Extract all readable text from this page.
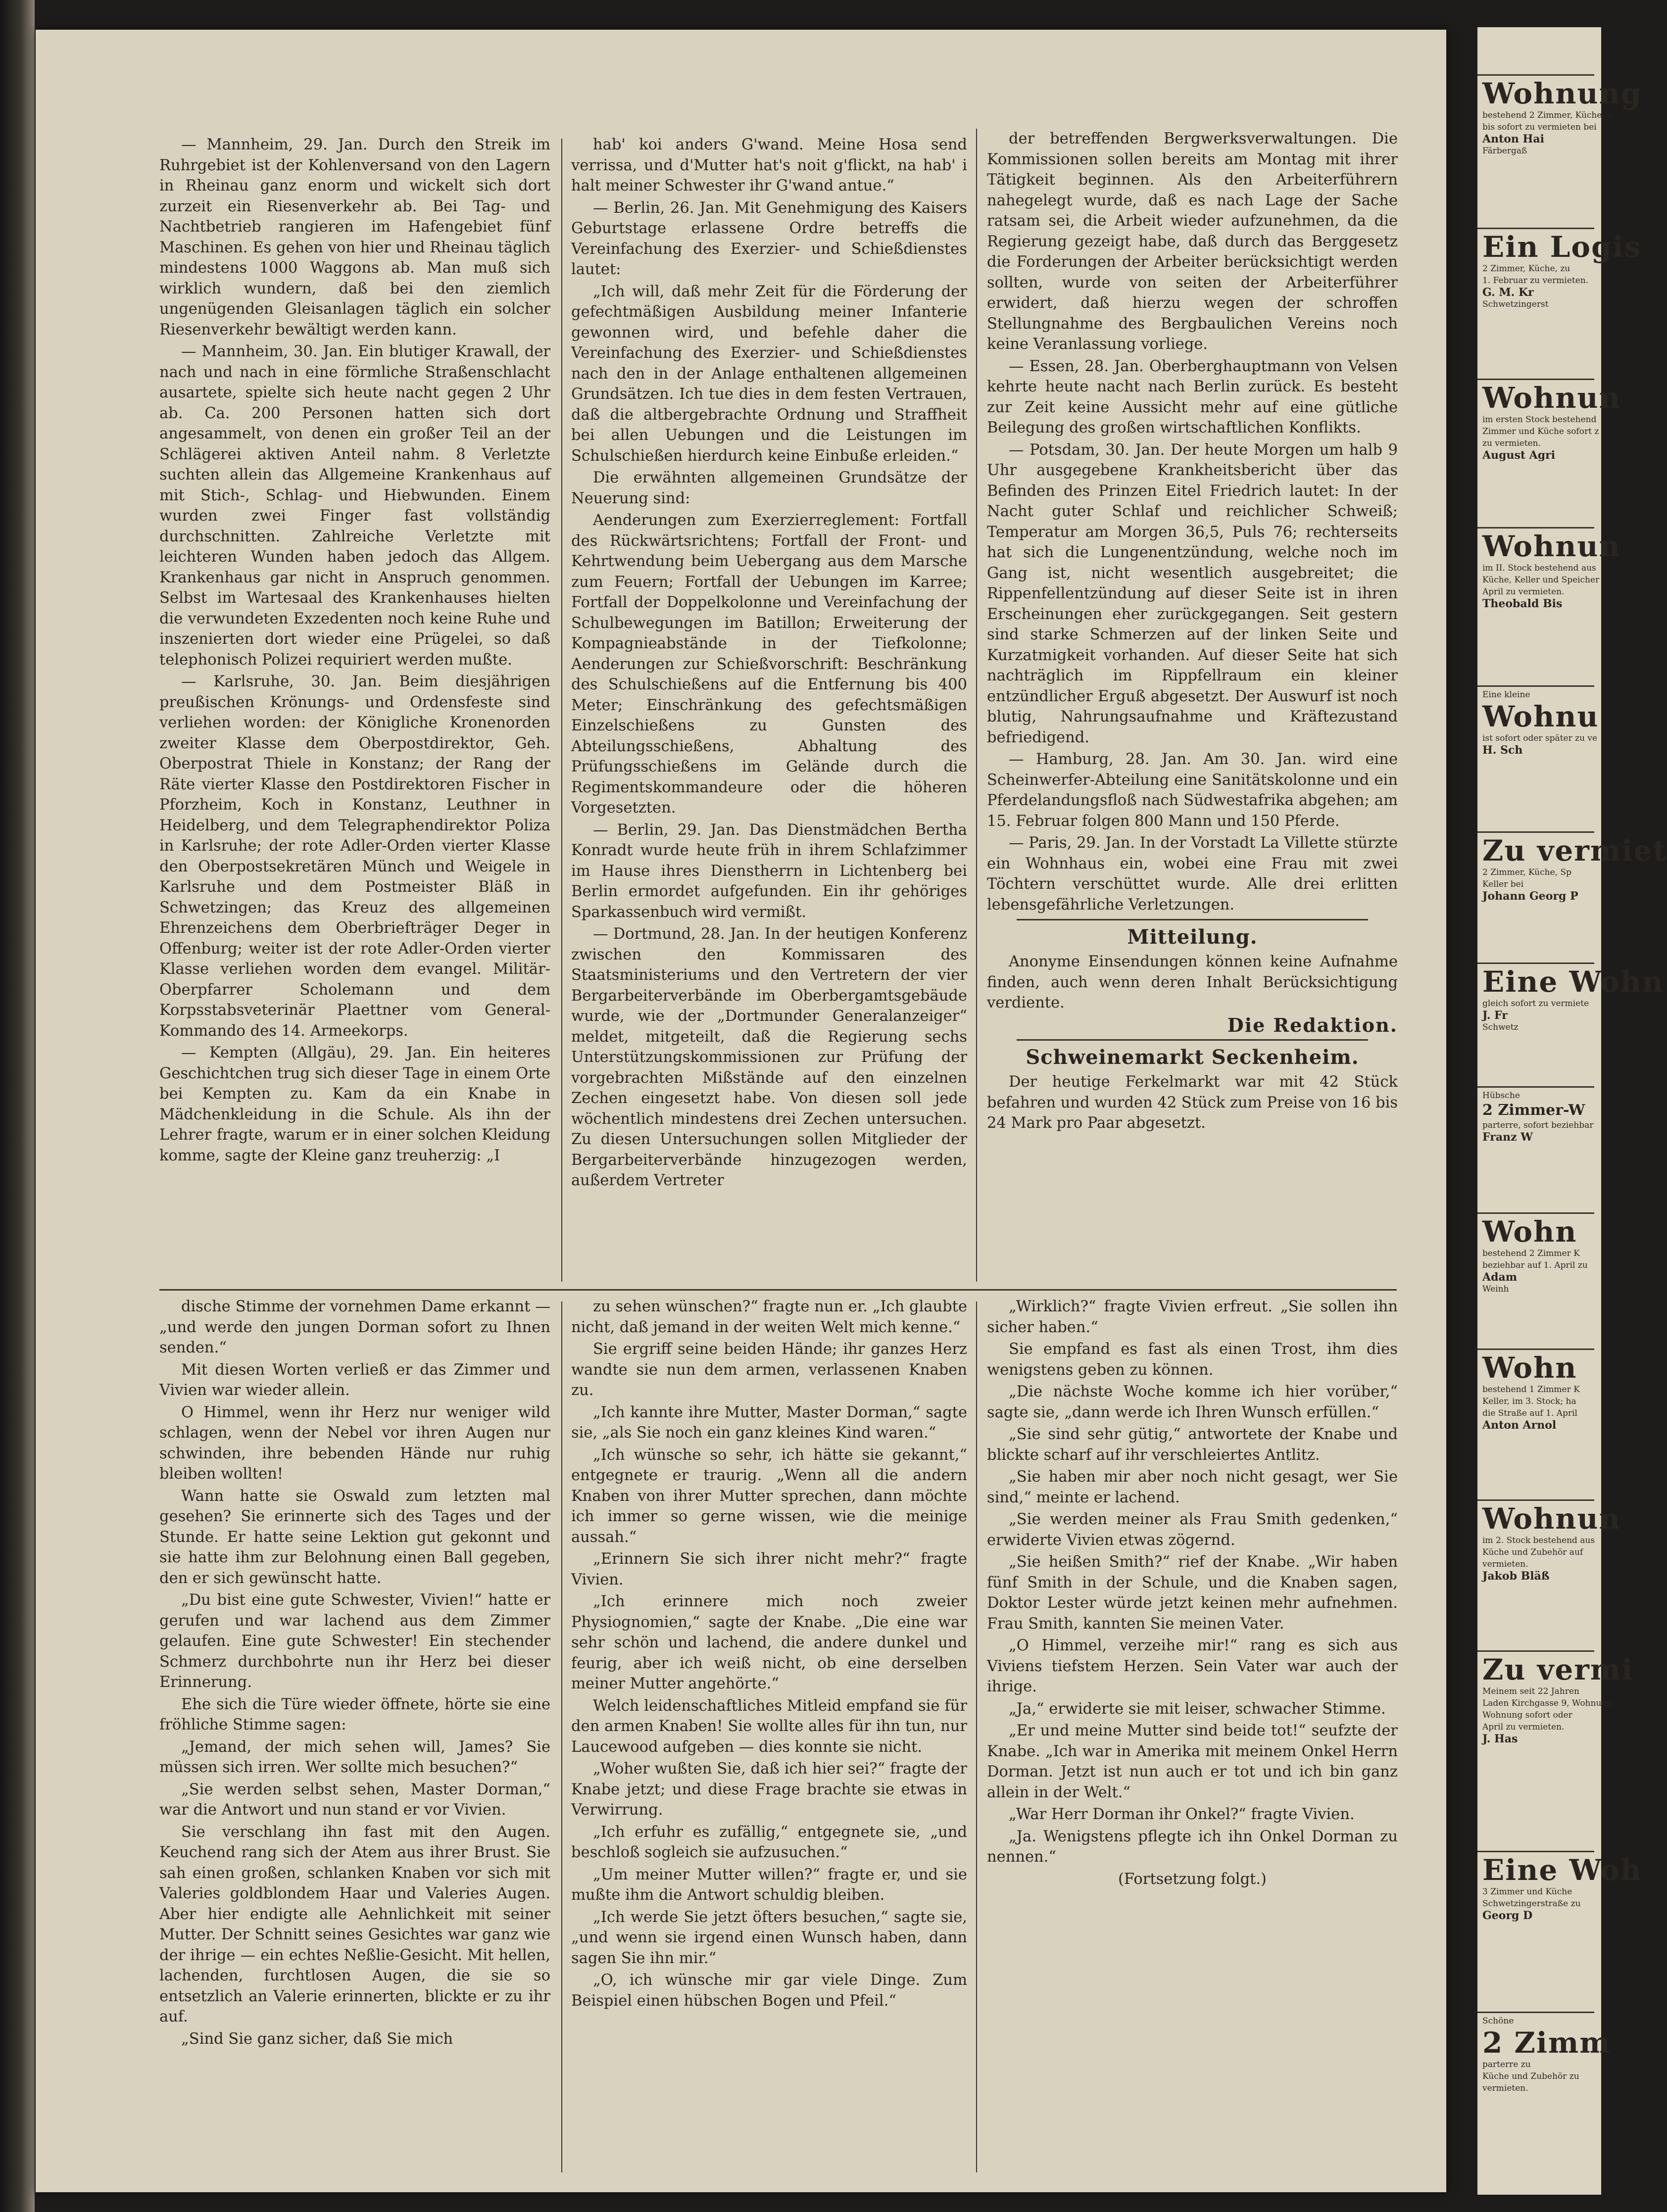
— Mannheim, 29. Jan. Durch den Streik im Ruhrgebiet ist der Kohlenversand von den Lagern in Rheinau ganz enorm und wickelt sich dort zurzeit ein Riesenverkehr ab. Bei Tag- und Nachtbetrieb rangieren im Hafengebiet fünf Maschinen. Es gehen von hier und Rheinau täglich mindestens 1000 Waggons ab. Man muß sich wirklich wundern, daß bei den ziemlich ungenügenden Gleisanlagen täglich ein solcher Riesenverkehr bewältigt werden kann.

— Mannheim, 30. Jan. Ein blutiger Krawall, der nach und nach in eine förmliche Straßenschlacht ausartete, spielte sich heute nacht gegen 2 Uhr ab. Ca. 200 Personen hatten sich dort angesammelt, von denen ein großer Teil an der Schlägerei aktiven Anteil nahm. 8 Verletzte suchten allein das Allgemeine Krankenhaus auf mit Stich-, Schlag- und Hiebwunden. Einem wurden zwei Finger fast vollständig durchschnitten. Zahlreiche Verletzte mit leichteren Wunden haben jedoch das Allgem. Krankenhaus gar nicht in Anspruch genommen. Selbst im Wartesaal des Krankenhauses hielten die verwundeten Exzedenten noch keine Ruhe und inszenierten dort wieder eine Prügelei, so daß telephonisch Polizei requiriert werden mußte.

— Karlsruhe, 30. Jan. Beim diesjährigen preußischen Krönungs- und Ordensfeste sind verliehen worden: der Königliche Kronenorden zweiter Klasse dem Oberpostdirektor, Geh. Oberpostrat Thiele in Konstanz; der Rang der Räte vierter Klasse den Postdirektoren Fischer in Pforzheim, Koch in Konstanz, Leuthner in Heidelberg, und dem Telegraphendirektor Poliza in Karlsruhe; der rote Adler-Orden vierter Klasse den Oberpostsekretären Münch und Weigele in Karlsruhe und dem Postmeister Bläß in Schwetzingen; das Kreuz des allgemeinen Ehrenzeichens dem Oberbriefträger Deger in Offenburg; weiter ist der rote Adler-Orden vierter Klasse verliehen worden dem evangel. Militär-Oberpfarrer Scholemann und dem Korpsstabsveterinär Plaettner vom General-Kommando des 14. Armeekorps.

— Kempten (Allgäu), 29. Jan. Ein heiteres Geschichtchen trug sich dieser Tage in einem Orte bei Kempten zu. Kam da ein Knabe in Mädchenkleidung in die Schule. Als ihn der Lehrer fragte, warum er in einer solchen Kleidung komme, sagte der Kleine ganz treuherzig: „I

hab' koi anders G'wand. Meine Hosa send verrissa, und d'Mutter hat's noit g'flickt, na hab' i halt meiner Schwester ihr G'wand antue.“

— Berlin, 26. Jan. Mit Genehmigung des Kaisers Geburtstage erlassene Ordre betreffs die Vereinfachung des Exerzier- und Schießdienstes lautet:

„Ich will, daß mehr Zeit für die Förderung der gefechtmäßigen Ausbildung meiner Infanterie gewonnen wird, und befehle daher die Vereinfachung des Exerzier- und Schießdienstes nach den in der Anlage enthaltenen allgemeinen Grundsätzen. Ich tue dies in dem festen Vertrauen, daß die altbergebrachte Ordnung und Straffheit bei allen Uebungen und die Leistungen im Schulschießen hierdurch keine Einbuße erleiden.“

Die erwähnten allgemeinen Grundsätze der Neuerung sind:

Aenderungen zum Exerzierreglement: Fortfall des Rückwärtsrichtens; Fortfall der Front- und Kehrtwendung beim Uebergang aus dem Marsche zum Feuern; Fortfall der Uebungen im Karree; Fortfall der Doppelkolonne und Vereinfachung der Schulbewegungen im Batillon; Erweiterung der Kompagnieabstände in der Tiefkolonne; Aenderungen zur Schießvorschrift: Beschränkung des Schulschießens auf die Entfernung bis 400 Meter; Einschränkung des gefechtsmäßigen Einzelschießens zu Gunsten des Abteilungsschießens, Abhaltung des Prüfungsschießens im Gelände durch die Regimentskommandeure oder die höheren Vorgesetzten.

— Berlin, 29. Jan. Das Dienstmädchen Bertha Konradt wurde heute früh in ihrem Schlafzimmer im Hause ihres Dienstherrn in Lichtenberg bei Berlin ermordet aufgefunden. Ein ihr gehöriges Sparkassenbuch wird vermißt.

— Dortmund, 28. Jan. In der heutigen Konferenz zwischen den Kommissaren des Staatsministeriums und den Vertretern der vier Bergarbeiterverbände im Oberbergamtsgebäude wurde, wie der „Dortmunder Generalanzeiger“ meldet, mitgeteilt, daß die Regierung sechs Unterstützungskommissionen zur Prüfung der vorgebrachten Mißstände auf den einzelnen Zechen eingesetzt habe. Von diesen soll jede wöchentlich mindestens drei Zechen untersuchen. Zu diesen Untersuchungen sollen Mitglieder der Bergarbeiterverbände hinzugezogen werden, außerdem Vertreter

der betreffenden Bergwerksverwaltungen. Die Kommissionen sollen bereits am Montag mit ihrer Tätigkeit beginnen. Als den Arbeiterführern nahegelegt wurde, daß es nach Lage der Sache ratsam sei, die Arbeit wieder aufzunehmen, da die Regierung gezeigt habe, daß durch das Berggesetz die Forderungen der Arbeiter berücksichtigt werden sollten, wurde von seiten der Arbeiterführer erwidert, daß hierzu wegen der schroffen Stellungnahme des Bergbaulichen Vereins noch keine Veranlassung vorliege.

— Essen, 28. Jan. Oberberghauptmann von Velsen kehrte heute nacht nach Berlin zurück. Es besteht zur Zeit keine Aussicht mehr auf eine gütliche Beilegung des großen wirtschaftlichen Konflikts.

— Potsdam, 30. Jan. Der heute Morgen um halb 9 Uhr ausgegebene Krankheitsbericht über das Befinden des Prinzen Eitel Friedrich lautet: In der Nacht guter Schlaf und reichlicher Schweiß; Temperatur am Morgen 36,5, Puls 76; rechterseits hat sich die Lungenentzündung, welche noch im Gang ist, nicht wesentlich ausgebreitet; die Rippenfellentzündung auf dieser Seite ist in ihren Erscheinungen eher zurückgegangen. Seit gestern sind starke Schmerzen auf der linken Seite und Kurzatmigkeit vorhanden. Auf dieser Seite hat sich nachträglich im Rippfellraum ein kleiner entzündlicher Erguß abgesetzt. Der Auswurf ist noch blutig, Nahrungsaufnahme und Kräftezustand befriedigend.

— Hamburg, 28. Jan. Am 30. Jan. wird eine Scheinwerfer-Abteilung eine Sanitätskolonne und ein Pferdelandungsfloß nach Südwestafrika abgehen; am 15. Februar folgen 800 Mann und 150 Pferde.

— Paris, 29. Jan. In der Vorstadt La Villette stürzte ein Wohnhaus ein, wobei eine Frau mit zwei Töchtern verschüttet wurde. Alle drei erlitten lebensgefährliche Verletzungen.

Mitteilung.

Anonyme Einsendungen können keine Aufnahme finden, auch wenn deren Inhalt Berücksichtigung verdiente.

Die Redaktion.

Schweinemarkt Seckenheim.

Der heutige Ferkelmarkt war mit 42 Stück befahren und wurden 42 Stück zum Preise von 16 bis 24 Mark pro Paar abgesetzt.

dische Stimme der vornehmen Dame erkannt — „und werde den jungen Dorman sofort zu Ihnen senden.“

Mit diesen Worten verließ er das Zimmer und Vivien war wieder allein.

O Himmel, wenn ihr Herz nur weniger wild schlagen, wenn der Nebel vor ihren Augen nur schwinden, ihre bebenden Hände nur ruhig bleiben wollten!

Wann hatte sie Oswald zum letzten mal gesehen? Sie erinnerte sich des Tages und der Stunde. Er hatte seine Lektion gut gekonnt und sie hatte ihm zur Belohnung einen Ball gegeben, den er sich gewünscht hatte.

„Du bist eine gute Schwester, Vivien!“ hatte er gerufen und war lachend aus dem Zimmer gelaufen. Eine gute Schwester! Ein stechender Schmerz durchbohrte nun ihr Herz bei dieser Erinnerung.

Ehe sich die Türe wieder öffnete, hörte sie eine fröhliche Stimme sagen:

„Jemand, der mich sehen will, James? Sie müssen sich irren. Wer sollte mich besuchen?“

„Sie werden selbst sehen, Master Dorman,“ war die Antwort und nun stand er vor Vivien.

Sie verschlang ihn fast mit den Augen. Keuchend rang sich der Atem aus ihrer Brust. Sie sah einen großen, schlanken Knaben vor sich mit Valeries goldblondem Haar und Valeries Augen. Aber hier endigte alle Aehnlichkeit mit seiner Mutter. Der Schnitt seines Gesichtes war ganz wie der ihrige — ein echtes Neßlie-Gesicht. Mit hellen, lachenden, furchtlosen Augen, die sie so entsetzlich an Valerie erinnerten, blickte er zu ihr auf.

„Sind Sie ganz sicher, daß Sie mich

zu sehen wünschen?“ fragte nun er. „Ich glaubte nicht, daß jemand in der weiten Welt mich kenne.“

Sie ergriff seine beiden Hände; ihr ganzes Herz wandte sie nun dem armen, verlassenen Knaben zu.

„Ich kannte ihre Mutter, Master Dorman,“ sagte sie, „als Sie noch ein ganz kleines Kind waren.“

„Ich wünsche so sehr, ich hätte sie gekannt,“ entgegnete er traurig. „Wenn all die andern Knaben von ihrer Mutter sprechen, dann möchte ich immer so gerne wissen, wie die meinige aussah.“

„Erinnern Sie sich ihrer nicht mehr?“ fragte Vivien.

„Ich erinnere mich noch zweier Physiognomien,“ sagte der Knabe. „Die eine war sehr schön und lachend, die andere dunkel und feurig, aber ich weiß nicht, ob eine derselben meiner Mutter angehörte.“

Welch leidenschaftliches Mitleid empfand sie für den armen Knaben! Sie wollte alles für ihn tun, nur Laucewood aufgeben — dies konnte sie nicht.

„Woher wußten Sie, daß ich hier sei?“ fragte der Knabe jetzt; und diese Frage brachte sie etwas in Verwirrung.

„Ich erfuhr es zufällig,“ entgegnete sie, „und beschloß sogleich sie aufzusuchen.“

„Um meiner Mutter willen?“ fragte er, und sie mußte ihm die Antwort schuldig bleiben.

„Ich werde Sie jetzt öfters besuchen,“ sagte sie, „und wenn sie irgend einen Wunsch haben, dann sagen Sie ihn mir.“

„O, ich wünsche mir gar viele Dinge. Zum Beispiel einen hübschen Bogen und Pfeil.“

„Wirklich?“ fragte Vivien erfreut. „Sie sollen ihn sicher haben.“

Sie empfand es fast als einen Trost, ihm dies wenigstens geben zu können.

„Die nächste Woche komme ich hier vorüber,“ sagte sie, „dann werde ich Ihren Wunsch erfüllen.“

„Sie sind sehr gütig,“ antwortete der Knabe und blickte scharf auf ihr verschleiertes Antlitz.

„Sie haben mir aber noch nicht gesagt, wer Sie sind,“ meinte er lachend.

„Sie werden meiner als Frau Smith gedenken,“ erwiderte Vivien etwas zögernd.

„Sie heißen Smith?“ rief der Knabe. „Wir haben fünf Smith in der Schule, und die Knaben sagen, Doktor Lester würde jetzt keinen mehr aufnehmen. Frau Smith, kannten Sie meinen Vater.

„O Himmel, verzeihe mir!“ rang es sich aus Viviens tiefstem Herzen. Sein Vater war auch der ihrige.

„Ja,“ erwiderte sie mit leiser, schwacher Stimme.

„Er und meine Mutter sind beide tot!“ seufzte der Knabe. „Ich war in Amerika mit meinem Onkel Herrn Dorman. Jetzt ist nun auch er tot und ich bin ganz allein in der Welt.“

„War Herr Dorman ihr Onkel?“ fragte Vivien.

„Ja. Wenigstens pflegte ich ihn Onkel Dorman zu nennen.“

(Fortsetzung folgt.)

Wohnung
bestehend 2 Zimmer, Küche, u.
bis sofort zu vermieten bei
Anton Hai
Färbergaß
Ein Logis
2 Zimmer, Küche, zu
1. Februar zu vermieten.
G. M. Kr
Schwetzingerst
Wohnun
im ersten Stock bestehend
Zimmer und Küche sofort z
zu vermieten.
August Agri
Wohnun
im II. Stock bestehend aus
Küche, Keller und Speicher
April zu vermieten.
Theobald Bis
Eine kleine
Wohnu
ist sofort oder später zu ve
H. Sch
Zu vermiet
2 Zimmer, Küche, Sp
Keller bei
Johann Georg P
Eine Wohn
gleich sofort zu vermiete
J. Fr
Schwetz
Hübsche
2 Zimmer-W
parterre, sofort beziehbar
Franz W
Wohn
bestehend 2 Zimmer K
beziehbar auf 1. April zu
Adam
Weinh
Wohn
bestehend 1 Zimmer K
Keller, im 3. Stock; ha
die Straße auf 1. April
Anton Arnol
Wohnun
im 2. Stock bestehend aus
Küche und Zubehör auf
vermieten.
Jakob Bläß
Zu vermi
Meinem seit 22 Jahren
Laden Kirchgasse 9, Wohnung
Wohnung sofort oder
April zu vermieten.
J. Has
Eine Woh
3 Zimmer und Küche
Schwetzingerstraße zu
Georg D
Schöne
2 Zimm
parterre zu
Küche und Zubehör zu
vermieten.
